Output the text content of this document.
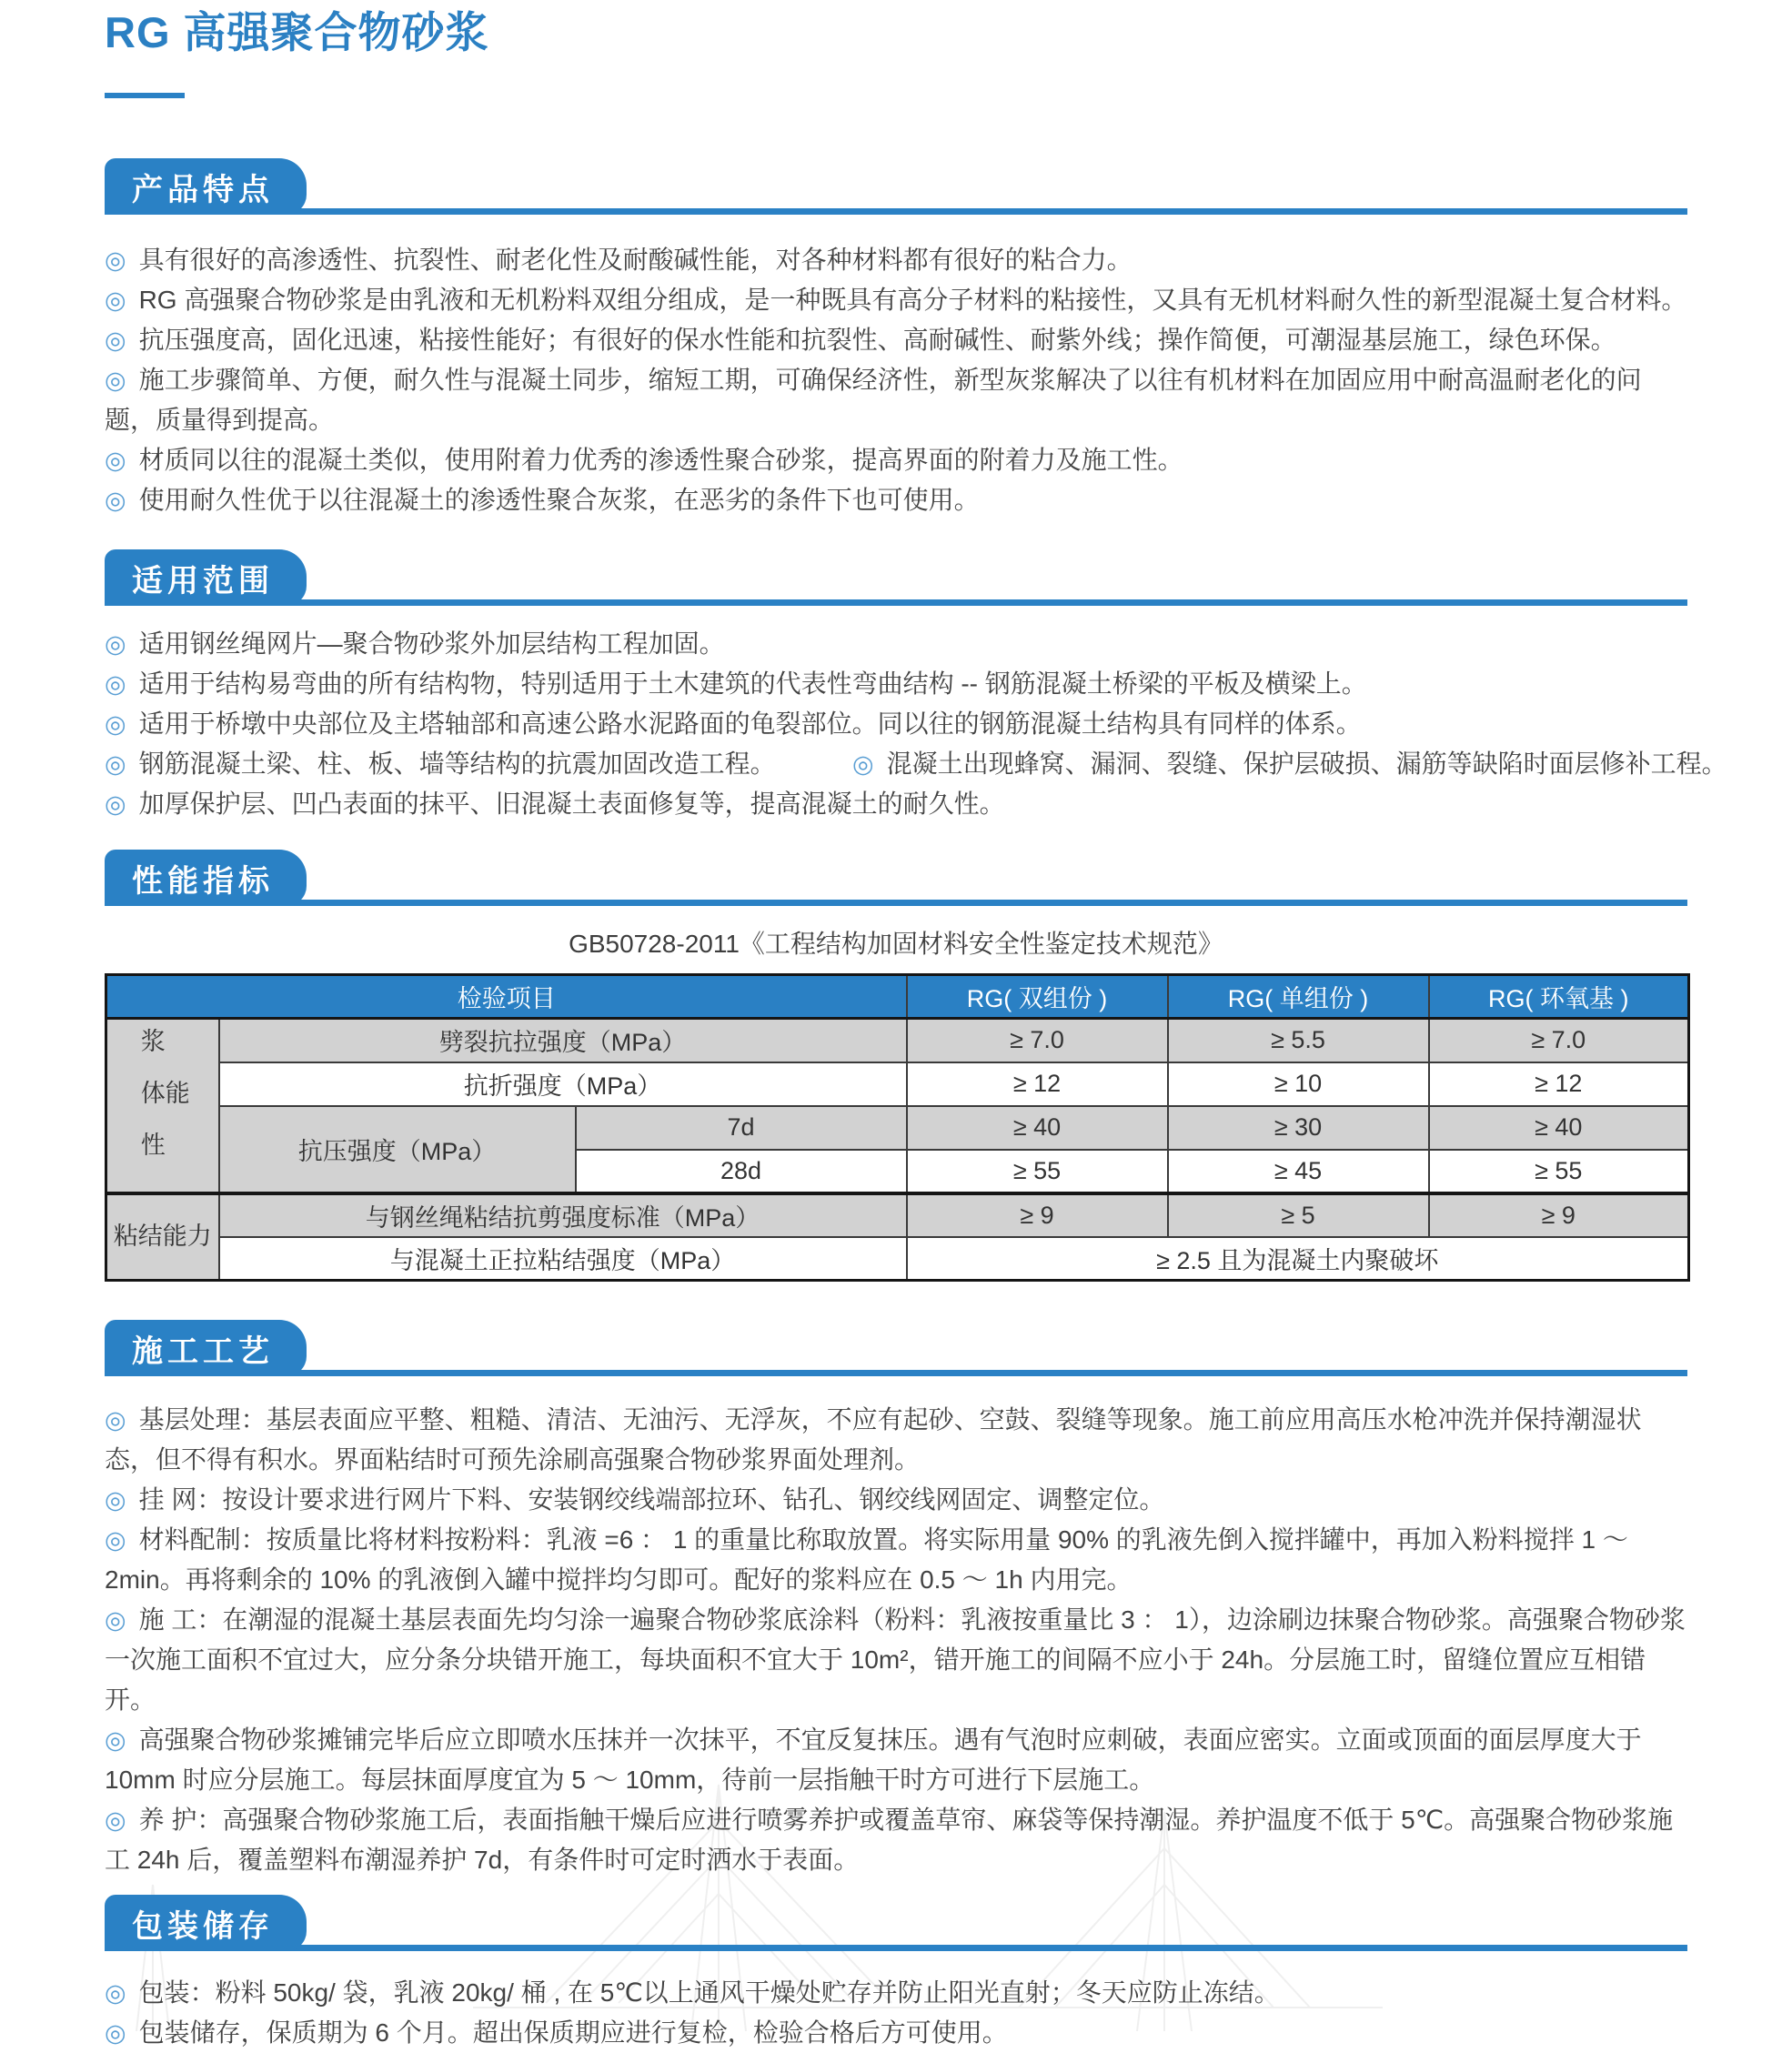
RG 高强聚合物砂浆
产品特点
◎ 具有很好的高渗透性、抗裂性、耐老化性及耐酸碱性能，对各种材料都有很好的粘合力。
◎ RG 高强聚合物砂浆是由乳液和无机粉料双组分组成，是一种既具有高分子材料的粘接性，又具有无机材料耐久性的新型混凝土复合材料。
◎ 抗压强度高，固化迅速，粘接性能好；有很好的保水性能和抗裂性、高耐碱性、耐紫外线；操作简便，可潮湿基层施工，绿色环保。
◎ 施工步骤简单、方便，耐久性与混凝土同步，缩短工期，可确保经济性，新型灰浆解决了以往有机材料在加固应用中耐高温耐老化的问题，质量得到提高。
◎ 材质同以往的混凝土类似，使用附着力优秀的渗透性聚合砂浆，提高界面的附着力及施工性。
◎ 使用耐久性优于以往混凝土的渗透性聚合灰浆，在恶劣的条件下也可使用。
适用范围
◎ 适用钢丝绳网片—聚合物砂浆外加层结构工程加固。
◎ 适用于结构易弯曲的所有结构物，特别适用于土木建筑的代表性弯曲结构 -- 钢筋混凝土桥梁的平板及横梁上。
◎ 适用于桥墩中央部位及主塔轴部和高速公路水泥路面的龟裂部位。同以往的钢筋混凝土结构具有同样的体系。
◎ 钢筋混凝土梁、柱、板、墙等结构的抗震加固改造工程。	◎ 混凝土出现蜂窝、漏洞、裂缝、保护层破损、漏筋等缺陷时面层修补工程。
◎ 加厚保护层、凹凸表面的抹平、旧混凝土表面修复等，提高混凝土的耐久性。
性能指标
GB50728-2011《工程结构加固材料安全性鉴定技术规范》
检验项目			RG( 双组份 )	RG( 单组份 )	RG( 环氧基 )

浆体性能	劈裂抗拉强度（MPa）		≥ 7.0	≥ 5.5	≥ 7.0
	抗折强度（MPa）		≥ 12	≥ 10	≥ 12
	抗压强度（MPa）	7d	≥ 40	≥ 30	≥ 40
		28d	≥ 55	≥ 45	≥ 55
粘结能力	与钢丝绳粘结抗剪强度标准（MPa）		≥ 9	≥ 5	≥ 9
	与混凝土正拉粘结强度（MPa）		≥ 2.5 且为混凝土内聚破坏		
施工工艺
◎ 基层处理：基层表面应平整、粗糙、清洁、无油污、无浮灰，不应有起砂、空鼓、裂缝等现象。施工前应用高压水枪冲洗并保持潮湿状态，但不得有积水。界面粘结时可预先涂刷高强聚合物砂浆界面处理剂。
◎ 挂 网：按设计要求进行网片下料、安装钢绞线端部拉环、钻孔、钢绞线网固定、调整定位。
◎ 材料配制：按质量比将材料按粉料：乳液 =6 ： 1 的重量比称取放置。将实际用量 90% 的乳液先倒入搅拌罐中，再加入粉料搅拌 1 ～ 2min。再将剩余的 10% 的乳液倒入罐中搅拌均匀即可。配好的浆料应在 0.5 ～ 1h 内用完。
◎ 施 工：在潮湿的混凝土基层表面先均匀涂一遍聚合物砂浆底涂料（粉料：乳液按重量比 3 ： 1），边涂刷边抹聚合物砂浆。高强聚合物砂浆一次施工面积不宜过大，应分条分块错开施工，每块面积不宜大于 10m²，错开施工的间隔不应小于 24h。分层施工时，留缝位置应互相错开。
◎ 高强聚合物砂浆摊铺完毕后应立即喷水压抹并一次抹平，不宜反复抹压。遇有气泡时应刺破，表面应密实。立面或顶面的面层厚度大于 10mm 时应分层施工。每层抹面厚度宜为 5 ～ 10mm，待前一层指触干时方可进行下层施工。
◎ 养 护：高强聚合物砂浆施工后，表面指触干燥后应进行喷雾养护或覆盖草帘、麻袋等保持潮湿。养护温度不低于 5℃。高强聚合物砂浆施工 24h 后，覆盖塑料布潮湿养护 7d，有条件时可定时洒水于表面。
包装储存
◎ 包装：粉料 50kg/ 袋，乳液 20kg/ 桶 , 在 5℃以上通风干燥处贮存并防止阳光直射；冬天应防止冻结。
◎ 包装储存，保质期为 6 个月。超出保质期应进行复检，检验合格后方可使用。
